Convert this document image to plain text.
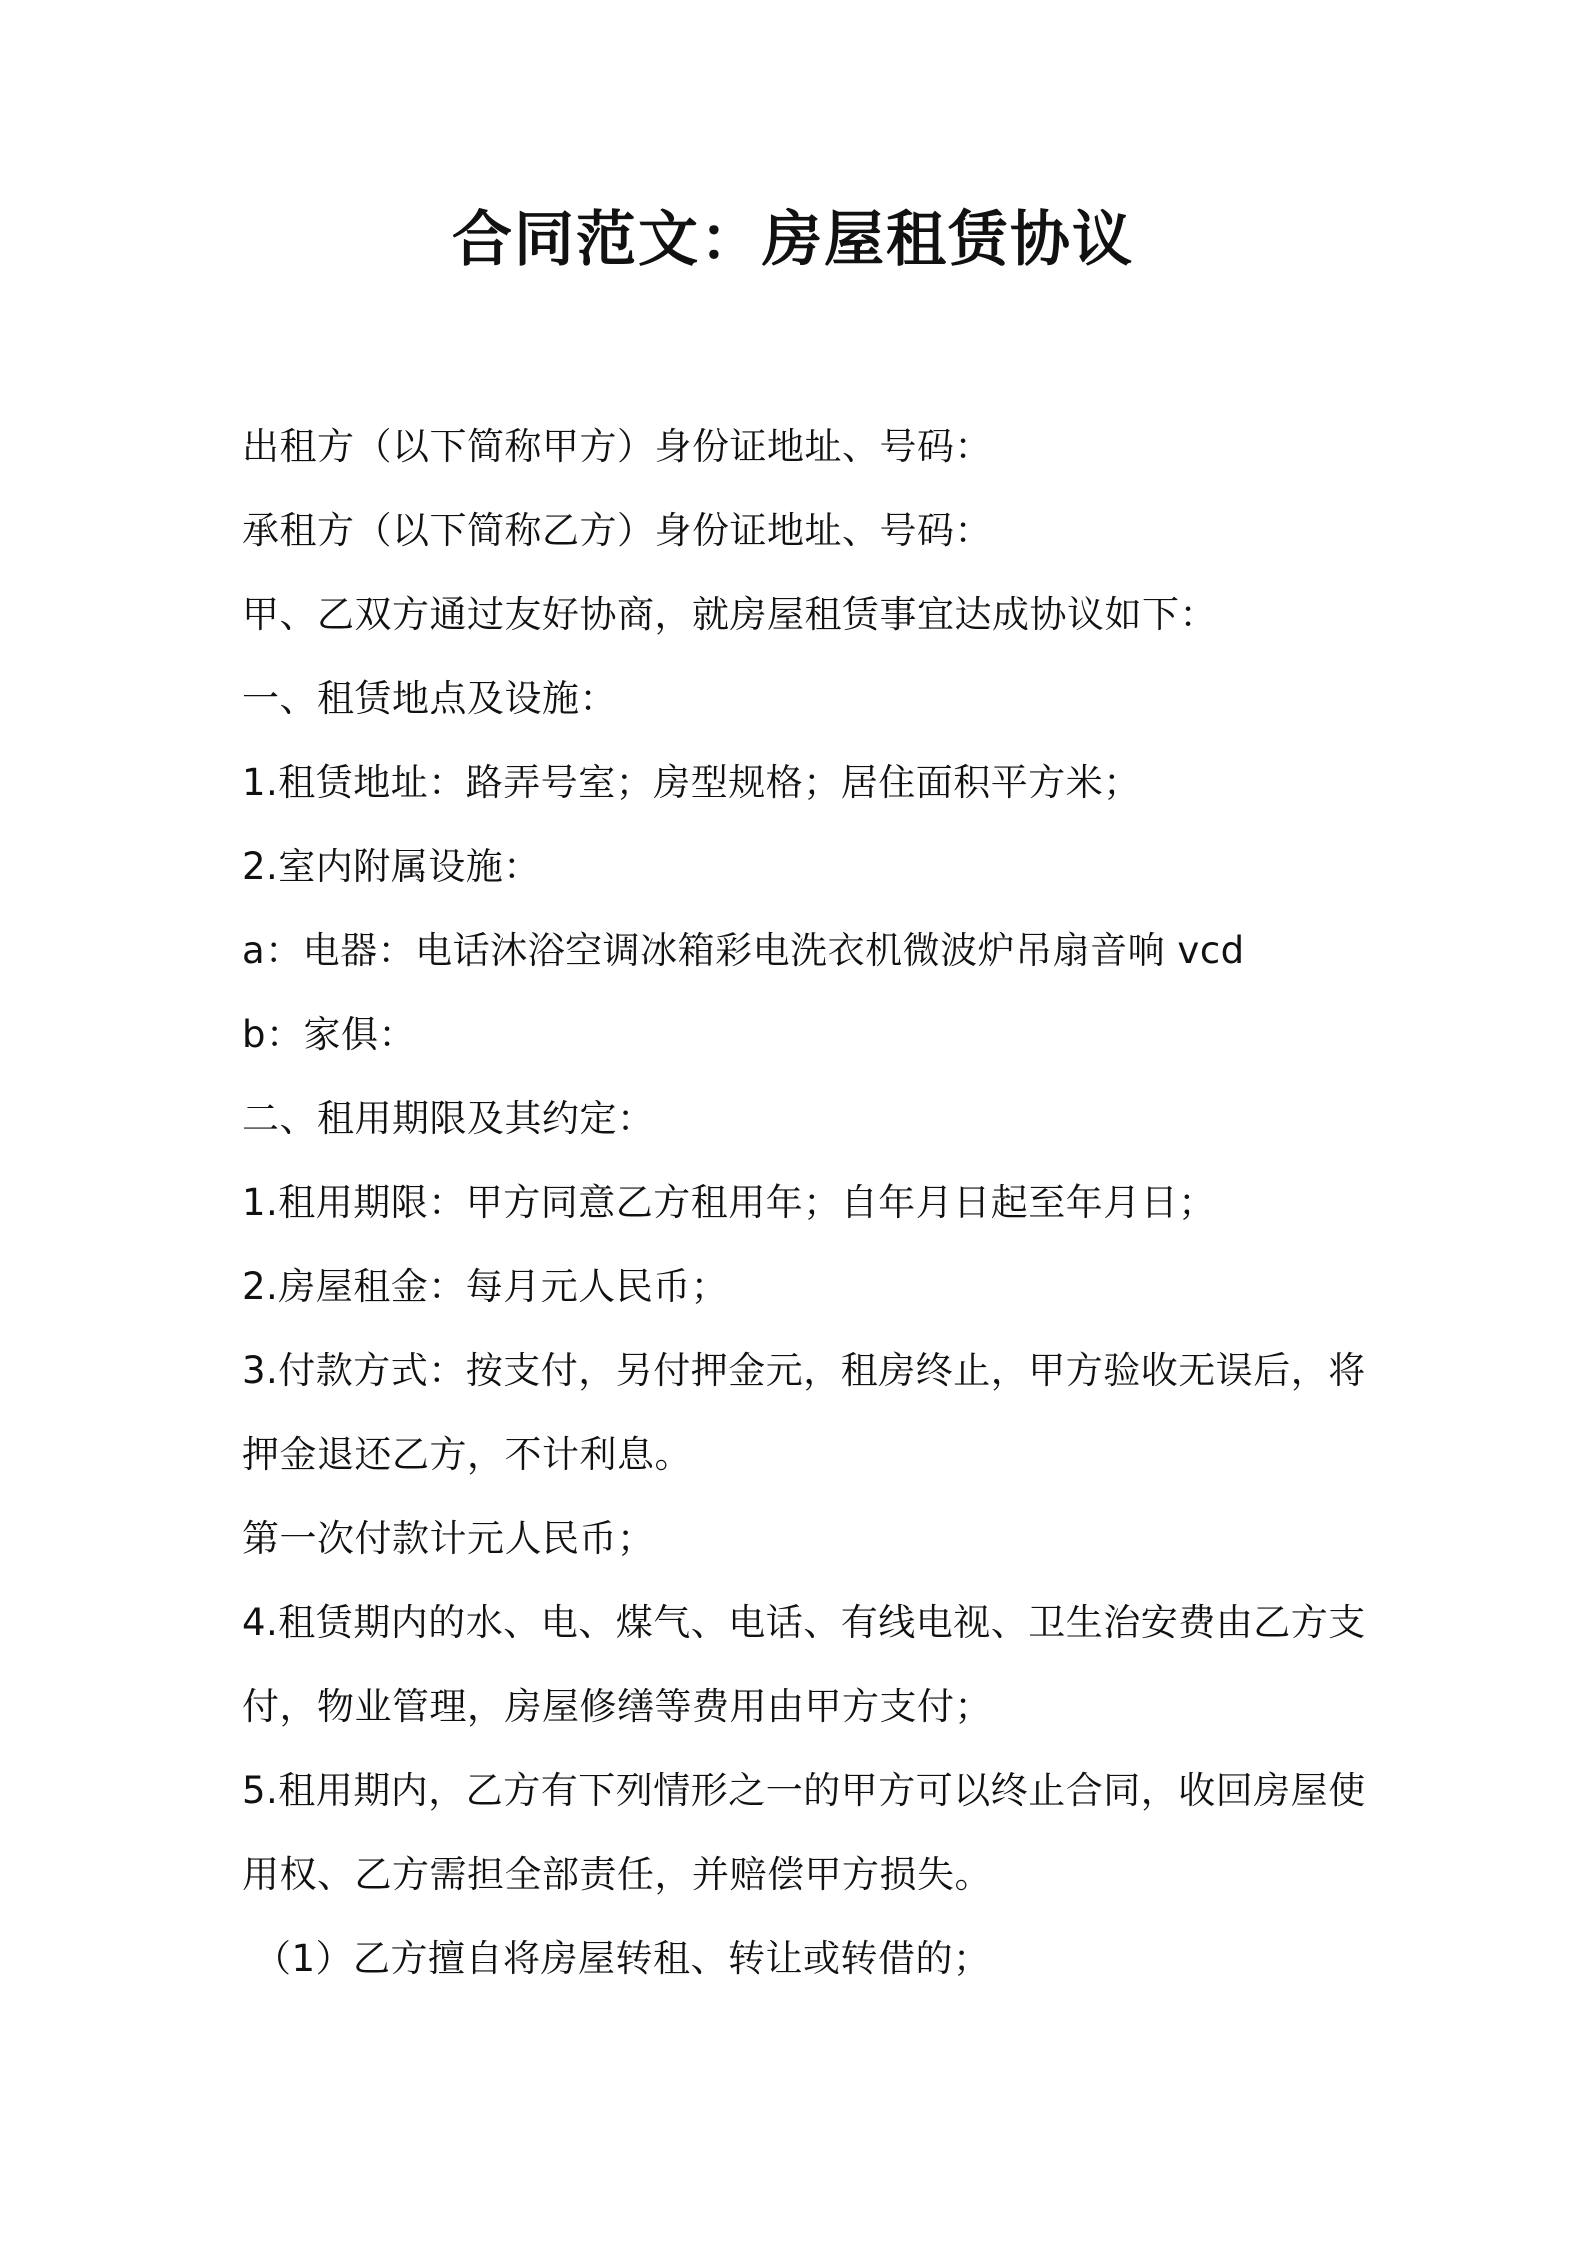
合同范文：房屋租赁协议

出租方（以下简称甲方）身份证地址、号码：

承租方（以下简称乙方）身份证地址、号码：

甲、乙双方通过友好协商，就房屋租赁事宜达成协议如下：

一、租赁地点及设施：

1.租赁地址：路弄号室；房型规格；居住面积平方米；

2.室内附属设施：

a：电器：电话沐浴空调冰箱彩电洗衣机微波炉吊扇音响 vcd

b：家俱：

二、租用期限及其约定：

1.租用期限：甲方同意乙方租用年；自年月日起至年月日；

2.房屋租金：每月元人民币；

3.付款方式：按支付，另付押金元，租房终止，甲方验收无误后，将

押金退还乙方，不计利息。

第一次付款计元人民币；

4.租赁期内的水、电、煤气、电话、有线电视、卫生治安费由乙方支

付，物业管理，房屋修缮等费用由甲方支付；

5.租用期内，乙方有下列情形之一的甲方可以终止合同，收回房屋使

用权、乙方需担全部责任，并赔偿甲方损失。

（1）乙方擅自将房屋转租、转让或转借的；
